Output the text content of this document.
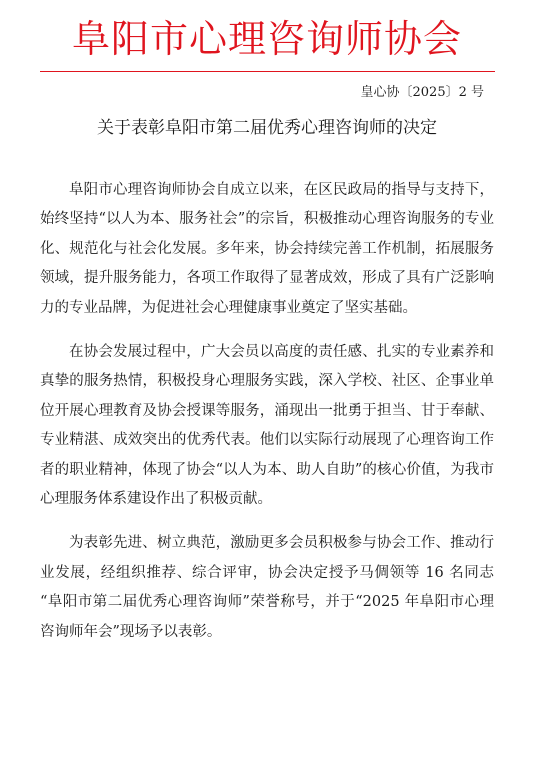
阜阳市心理咨询师协会
皇心协〔2025〕2 号
关于表彰阜阳市第二届优秀心理咨询师的决定

阜阳市心理咨询师协会自成立以来，在区民政局的指导与支持下，始终坚持“以人为本、服务社会”的宗旨，积极推动心理咨询服务的专业化、规范化与社会化发展。多年来，协会持续完善工作机制，拓展服务领域，提升服务能力，各项工作取得了显著成效，形成了具有广泛影响力的专业品牌，为促进社会心理健康事业奠定了坚实基础。

在协会发展过程中，广大会员以高度的责任感、扎实的专业素养和真挚的服务热情，积极投身心理服务实践，深入学校、社区、企事业单位开展心理教育及协会授课等服务，涌现出一批勇于担当、甘于奉献、专业精湛、成效突出的优秀代表。他们以实际行动展现了心理咨询工作者的职业精神，体现了协会“以人为本、助人自助”的核心价值，为我市心理服务体系建设作出了积极贡献。

为表彰先进、树立典范，激励更多会员积极参与协会工作、推动行业发展，经组织推荐、综合评审，协会决定授予马倜领等 16 名同志 “阜阳市第二届优秀心理咨询师”荣誉称号，并于“2025 年阜阳市心理咨询师年会”现场予以表彰。
